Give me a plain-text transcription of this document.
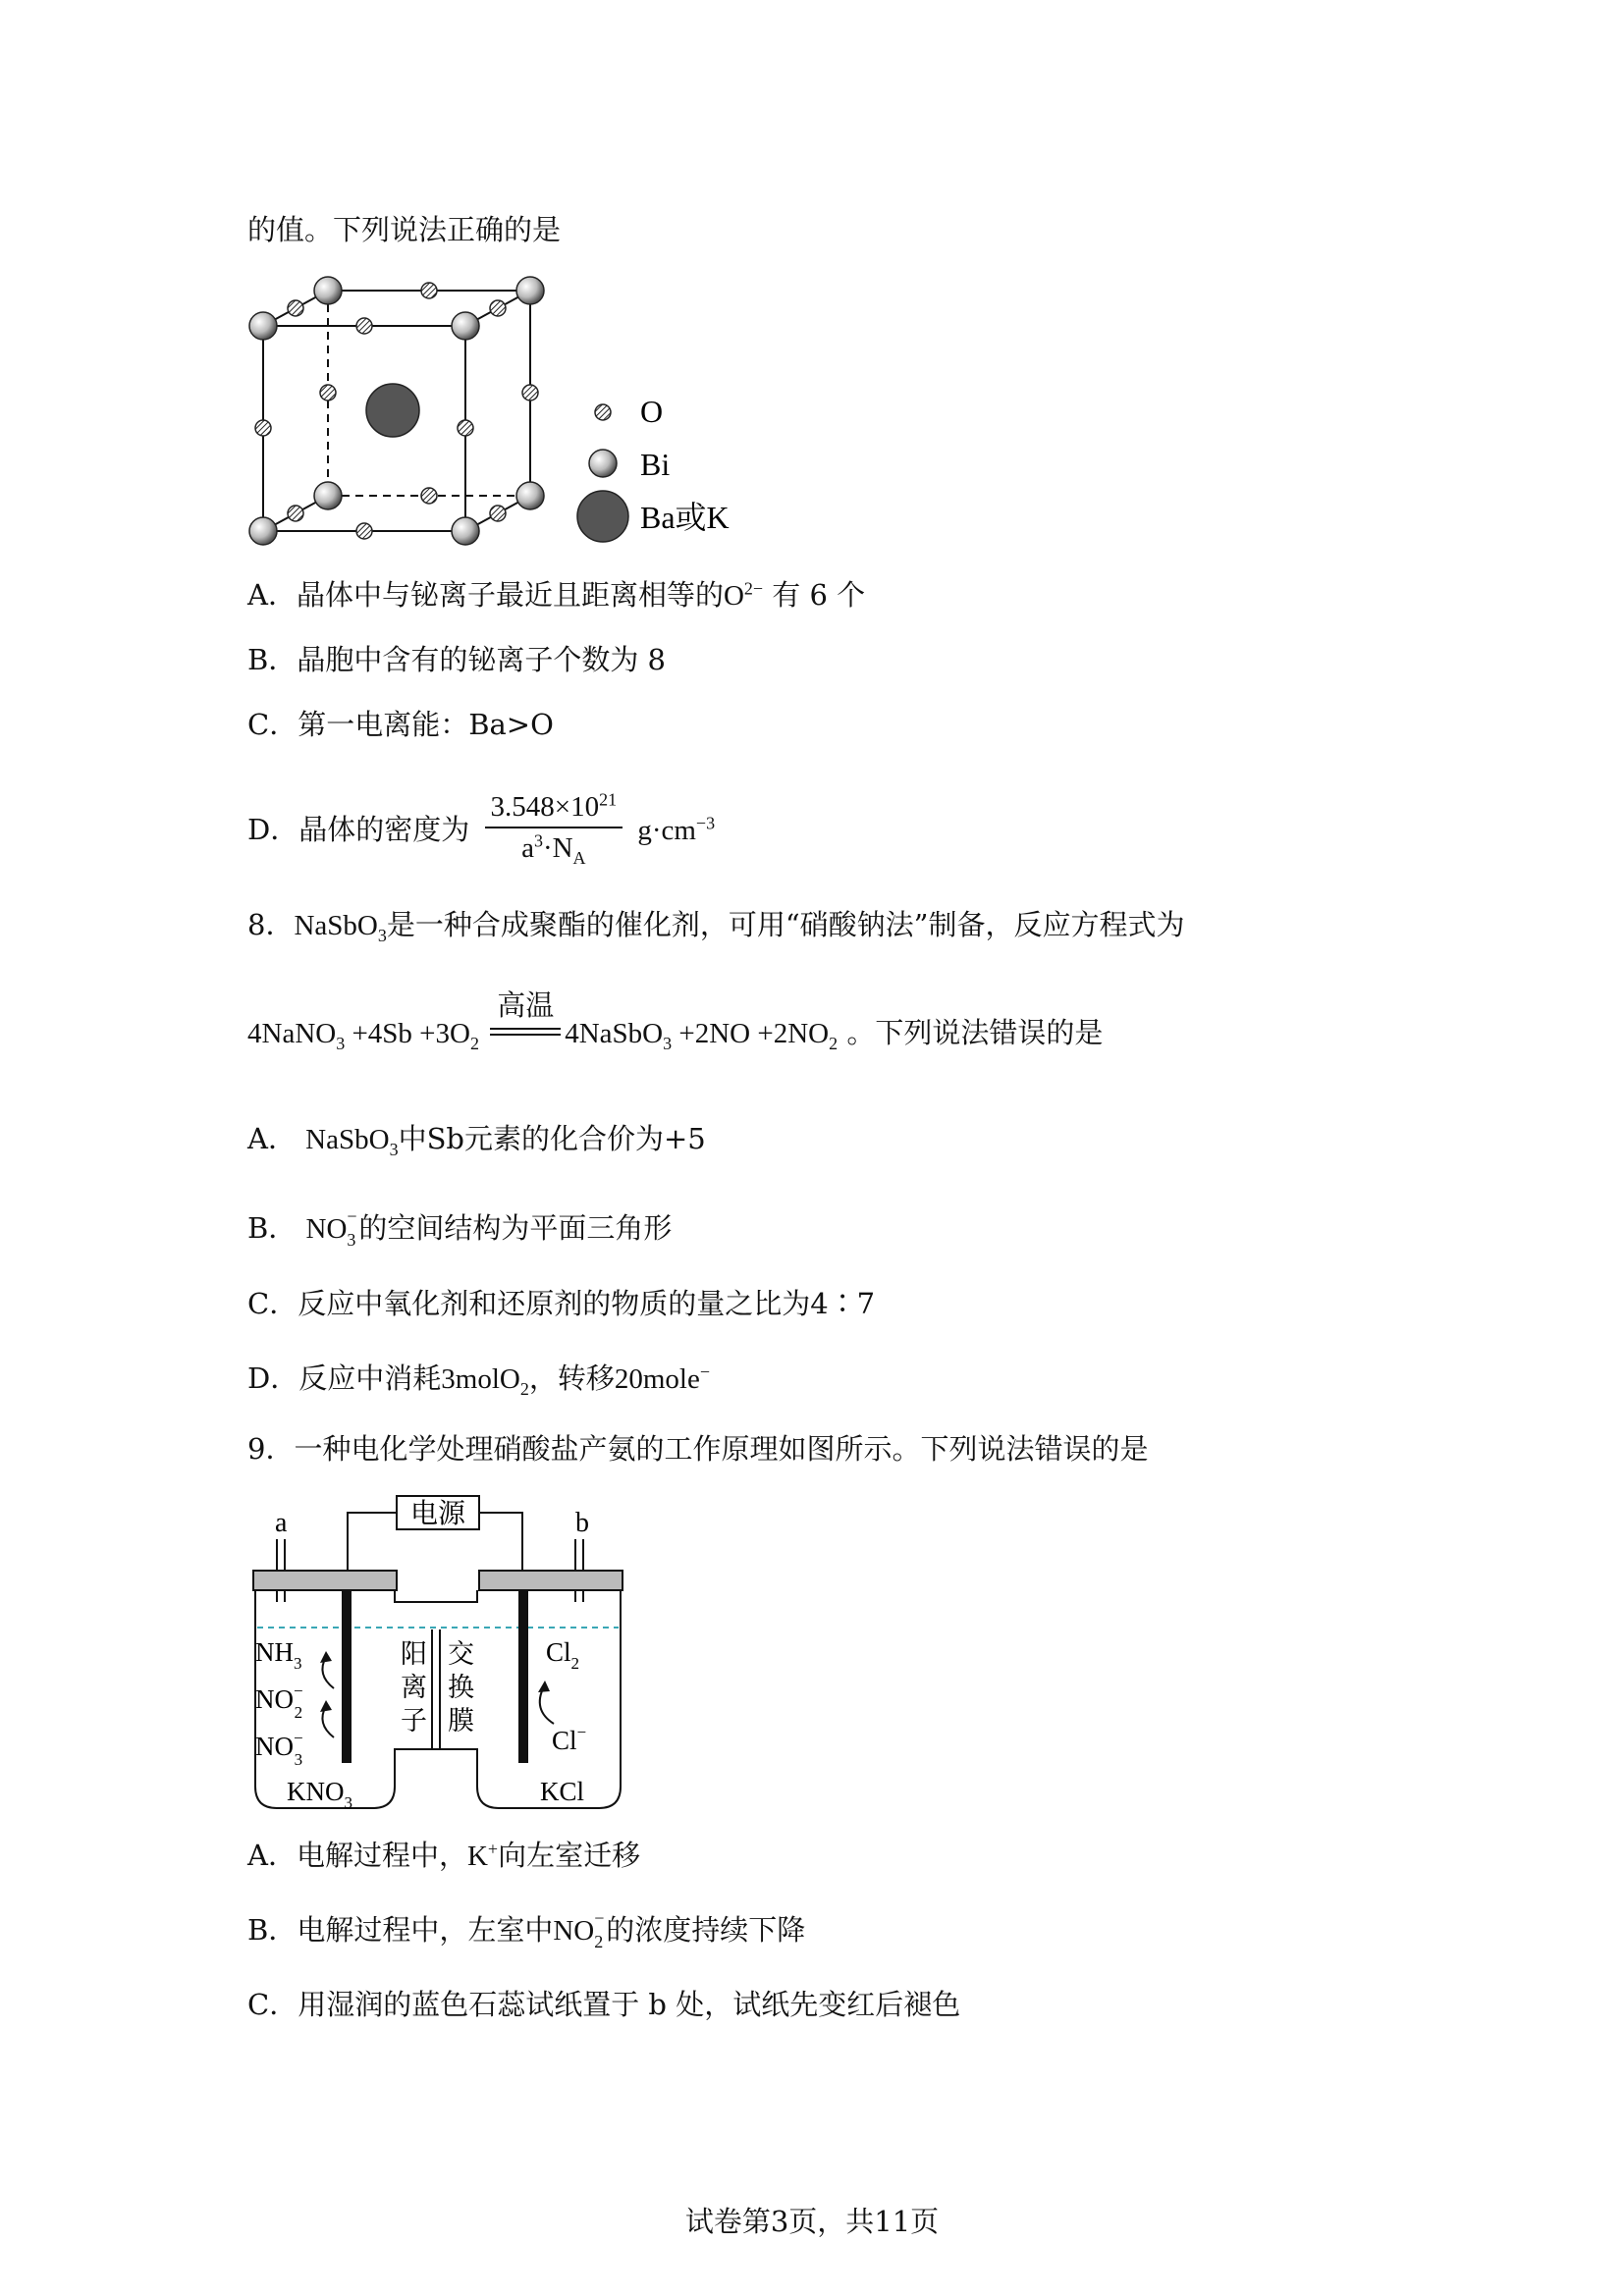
的值。下列说法正确的是
O
Bi
Ba或K
A．晶体中与铋离子最近且距离相等的$O^{2-}$ 有 6 个
B．晶胞中含有的铋离子个数为 8
C．第一电离能：Ba>O
D．晶体的密度为 $\frac{3.548\times 10^{21}}{a^3\cdot N_A} g\cdot cm^{-3}$
8．NaSbO$_3$是一种合成聚酯的催化剂，可用“硝酸钠法”制备，反应方程式为
4NaNO$_3$ $+4Sb +3O_2$
高温
4NaSbO$_3$ $+2NO +2NO_2$ 。下列说法错误的是
A． NaSbO$_3$中Sb元素的化合价为+5
B． NO −
3 的空间结构为平面三角形
C．反应中氧化剂和还原剂的物质的量之比为4∶7
D．反应中消耗3molO$_2$，转移20mole−
9．一种电化学处理硝酸盐产氨的工作原理如图所示。下列说法错误的是
电源
a	b
阳
离
子
交
换
膜
$NH_3$
NO− 2
NO− 3
$KNO_3$
$Cl_2$
Cl−
KCl
A．电解过程中，K+向左室迁移
B．电解过程中，左室中NO −
2 的浓度持续下降
C．用湿润的蓝色石蕊试纸置于 b 处，试纸先变红后褪色
试卷第3页，共11页
